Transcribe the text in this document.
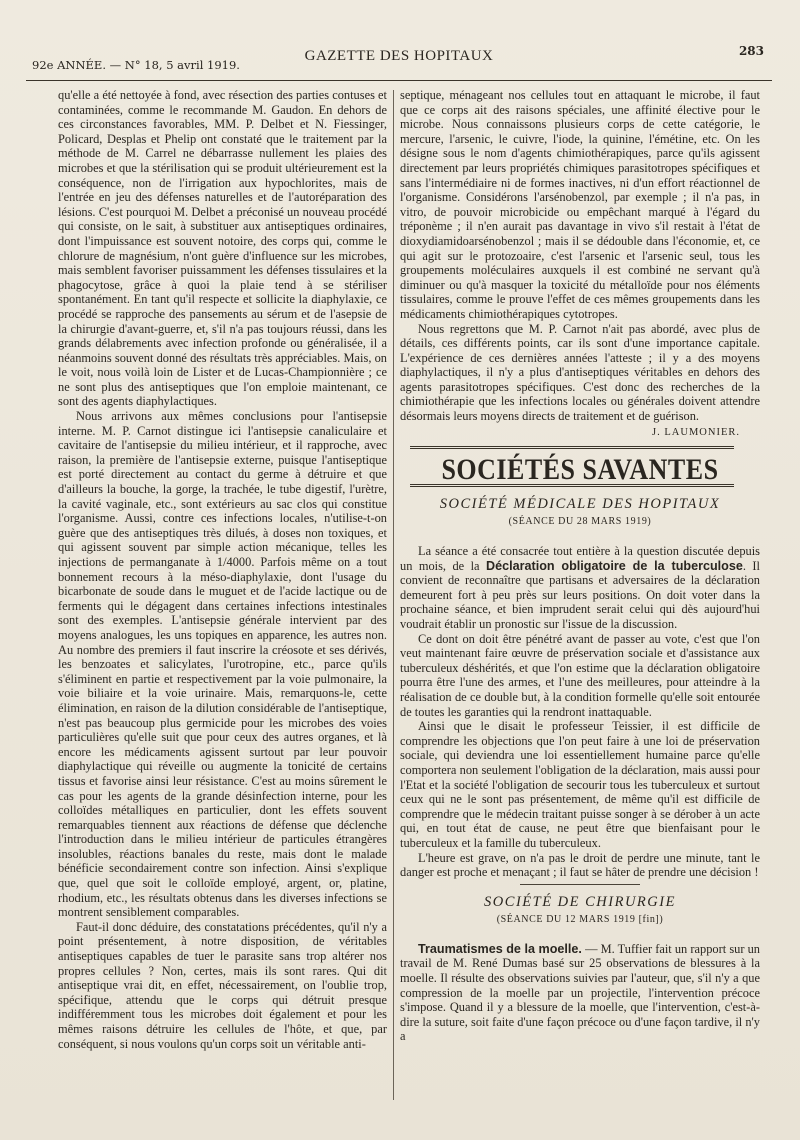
92e ANNÉE. — N° 18, 5 avril 1919.
GAZETTE DES HOPITAUX	283

qu'elle a été nettoyée à fond, avec résection des parties contuses et contaminées, comme le recommande M. Gaudon. En dehors de ces circonstances favorables, MM. P. Delbet et N. Fiessinger, Policard, Desplas et Phelip ont constaté que le traitement par la méthode de M. Carrel ne débarrasse nullement les plaies des microbes et que la stérilisation qui se produit ultérieurement est la conséquence, non de l'irrigation aux hypochlorites, mais de l'entrée en jeu des défenses naturelles et de l'autoréparation des lésions. C'est pourquoi M. Delbet a préconisé un nouveau procédé qui consiste, on le sait, à substituer aux antiseptiques ordinaires, dont l'impuissance est souvent notoire, des corps qui, comme le chlorure de magnésium, n'ont guère d'influence sur les microbes, mais semblent favoriser puissamment les défenses tissulaires et la phagocytose, grâce à quoi la plaie tend à se stériliser spontanément. En tant qu'il respecte et sollicite la diaphylaxie, ce procédé se rapproche des pansements au sérum et de l'asepsie de la chirurgie d'avant-guerre, et, s'il n'a pas toujours réussi, dans les grands délabrements avec infection profonde ou généralisée, il a néanmoins souvent donné des résultats très appréciables. Mais, on le voit, nous voilà loin de Lister et de Lucas-Championnière ; ce ne sont plus des antiseptiques que l'on emploie maintenant, ce sont des agents diaphylactiques.

Nous arrivons aux mêmes conclusions pour l'antisepsie interne. M. P. Carnot distingue ici l'antisepsie canaliculaire et cavitaire de l'antisepsie du milieu intérieur, et il rapproche, avec raison, la première de l'antisepsie externe, puisque l'antiseptique est porté directement au contact du germe à détruire et que d'ailleurs la bouche, la gorge, la trachée, le tube digestif, l'urètre, la cavité vaginale, etc., sont extérieurs au sac clos qui constitue l'organisme. Aussi, contre ces infections locales, n'utilise-t-on guère que des antiseptiques très dilués, à doses non toxiques, et qui agissent souvent par simple action mécanique, telles les injections de permanganate à 1/4000. Parfois même on a tout bonnement recours à la méso-diaphylaxie, dont l'usage du bicarbonate de soude dans le muguet et de l'acide lactique ou de ferments qui le dégagent dans certaines infections intestinales sont des exemples. L'antisepsie générale intervient par des moyens analogues, les uns topiques en apparence, les autres non. Au nombre des premiers il faut inscrire la créosote et ses dérivés, les benzoates et salicylates, l'urotropine, etc., parce qu'ils s'éliminent en partie et respectivement par la voie pulmonaire, la voie biliaire et la voie urinaire. Mais, remarquons-le, cette élimination, en raison de la dilution considérable de l'antiseptique, n'est pas beaucoup plus germicide pour les microbes des voies particulières qu'elle suit que pour ceux des autres organes, et là encore les médicaments agissent surtout par leur pouvoir diaphylactique qui réveille ou augmente la tonicité de certains tissus et favorise ainsi leur résistance. C'est au moins sûrement le cas pour les agents de la grande désinfection interne, pour les colloïdes métalliques en particulier, dont les effets souvent remarquables tiennent aux réactions de défense que déclenche l'introduction dans le milieu intérieur de particules étrangères insolubles, réactions banales du reste, mais dont le malade bénéficie secondairement contre son infection. Ainsi s'explique que, quel que soit le colloïde employé, argent, or, platine, rhodium, etc., les résultats obtenus dans les diverses infections se montrent sensiblement comparables.

Faut-il donc déduire, des constatations précédentes, qu'il n'y a point présentement, à notre disposition, de véritables antiseptiques capables de tuer le parasite sans trop altérer nos propres cellules ? Non, certes, mais ils sont rares. Qui dit antiseptique vrai dit, en effet, nécessairement, on l'oublie trop, spécifique, attendu que le corps qui détruit presque indifféremment tous les microbes doit également et pour les mêmes raisons détruire les cellules de l'hôte, et que, par conséquent, si nous voulons qu'un corps soit un véritable anti-

septique, ménageant nos cellules tout en attaquant le microbe, il faut que ce corps ait des raisons spéciales, une affinité élective pour le microbe. Nous connaissons plusieurs corps de cette catégorie, le mercure, l'arsenic, le cuivre, l'iode, la quinine, l'émétine, etc. On les désigne sous le nom d'agents chimiothérapiques, parce qu'ils agissent directement par leurs propriétés chimiques parasitotropes spécifiques et sans l'intermédiaire ni de formes inactives, ni d'un effort réactionnel de l'organisme. Considérons l'arsénobenzol, par exemple ; il n'a pas, in vitro, de pouvoir microbicide ou empêchant marqué à l'égard du tréponème ; il n'en aurait pas davantage in vivo s'il restait à l'état de dioxydiamidoarsénobenzol ; mais il se dédouble dans l'économie, et, ce qui agit sur le protozoaire, c'est l'arsenic et l'arsenic seul, tous les groupements moléculaires auxquels il est combiné ne servant qu'à diminuer ou qu'à masquer la toxicité du métalloïde pour nos éléments tissulaires, comme le prouve l'effet de ces mêmes groupements dans les médicaments chimiothérapiques cytotropes.

Nous regrettons que M. P. Carnot n'ait pas abordé, avec plus de détails, ces différents points, car ils sont d'une importance capitale. L'expérience de ces dernières années l'atteste ; il y a des moyens diaphylactiques, il n'y a plus d'antiseptiques véritables en dehors des agents parasitotropes spécifiques. C'est donc des recherches de la chimiothérapie que les infections locales ou générales doivent attendre désormais leurs moyens directs de traitement et de guérison.

J. LAUMONIER.
SOCIÉTÉS SAVANTES
SOCIÉTÉ MÉDICALE DES HOPITAUX
(SÉANCE DU 28 MARS 1919)

La séance a été consacrée tout entière à la question discutée depuis un mois, de la Déclaration obligatoire de la tuberculose. Il convient de reconnaître que partisans et adversaires de la déclaration demeurent fort à peu près sur leurs positions. On doit voter dans la prochaine séance, et bien imprudent serait celui qui dès aujourd'hui voudrait établir un pronostic sur l'issue de la discussion.

Ce dont on doit être pénétré avant de passer au vote, c'est que l'on veut maintenant faire œuvre de préservation sociale et d'assistance aux tuberculeux déshérités, et que l'on estime que la déclaration obligatoire pourra être l'une des armes, et l'une des meilleures, pour atteindre à la réalisation de ce double but, à la condition formelle qu'elle soit entourée de toutes les garanties qui la rendront inattaquable.

Ainsi que le disait le professeur Teissier, il est difficile de comprendre les objections que l'on peut faire à une loi de préservation sociale, qui deviendra une loi essentiellement humaine parce qu'elle comportera non seulement l'obligation de la déclaration, mais aussi pour l'Etat et la société l'obligation de secourir tous les tuberculeux et surtout ceux qui ne le sont pas présentement, de même qu'il est difficile de comprendre que le médecin traitant puisse songer à se dérober à un acte qui, en tout état de cause, ne peut être que bienfaisant pour le tuberculeux et la famille du tuberculeux.

L'heure est grave, on n'a pas le droit de perdre une minute, tant le danger est proche et menaçant ; il faut se hâter de prendre une décision !

SOCIÉTÉ DE CHIRURGIE
(SÉANCE DU 12 MARS 1919 [fin])

Traumatismes de la moelle. — M. Tuffier fait un rapport sur un travail de M. René Dumas basé sur 25 observations de blessures à la moelle. Il résulte des observations suivies par l'auteur, que, s'il n'y a que compression de la moelle par un projectile, l'intervention précoce s'impose. Quand il y a blessure de la moelle, que l'intervention, c'est-à-dire la suture, soit faite d'une façon précoce ou d'une façon tardive, il n'y a
